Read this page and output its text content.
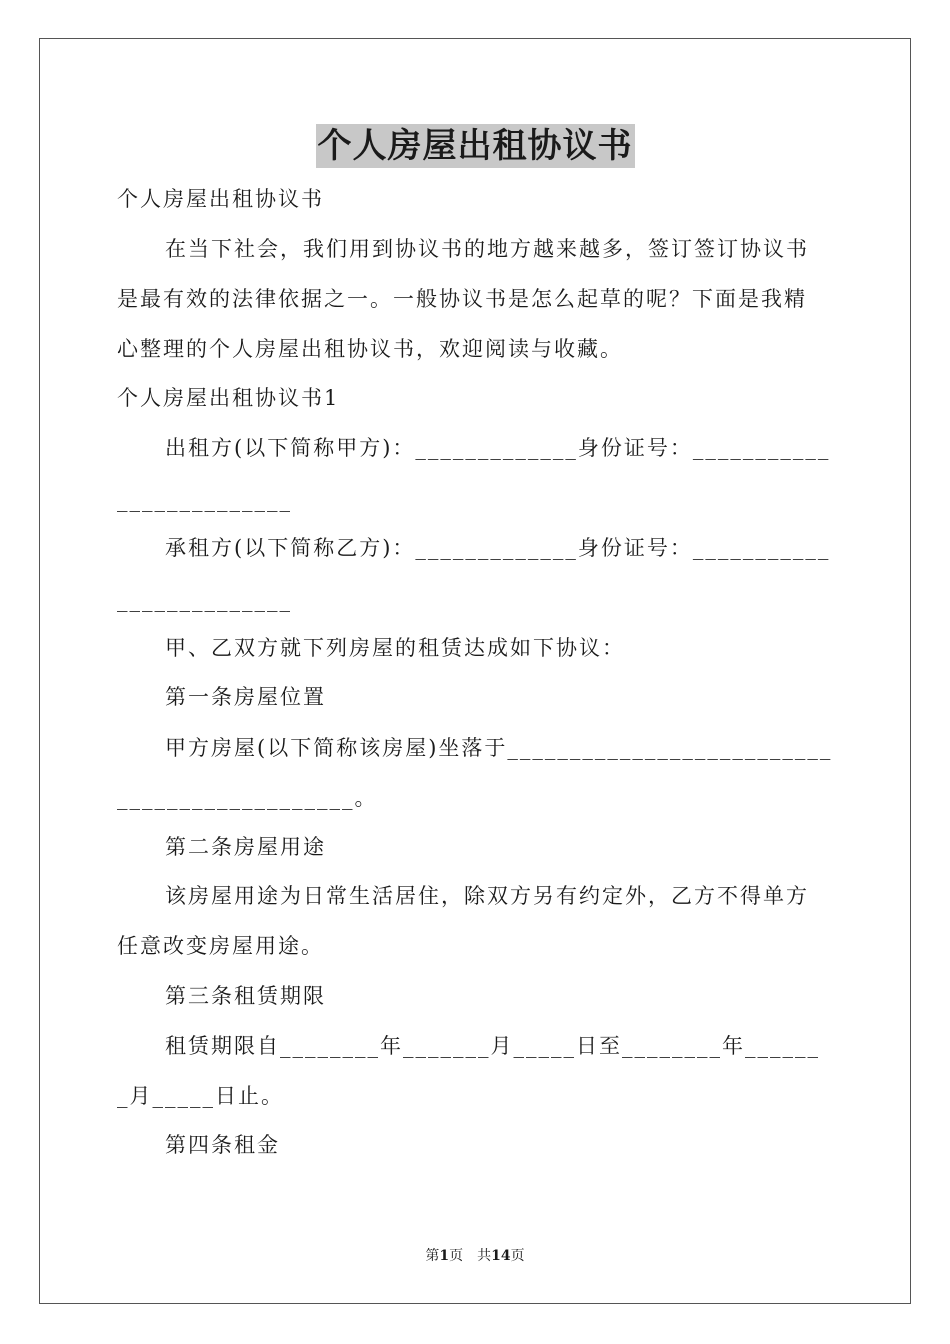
个人房屋出租协议书
个人房屋出租协议书
在当下社会，我们用到协议书的地方越来越多，签订签订协议书
是最有效的法律依据之一。一般协议书是怎么起草的呢？下面是我精
心整理的个人房屋出租协议书，欢迎阅读与收藏。
个人房屋出租协议书1
出租方(以下简称甲方)：_____________身份证号：___________
______________
承租方(以下简称乙方)：_____________身份证号：___________
______________
甲、乙双方就下列房屋的租赁达成如下协议：
第一条房屋位置
甲方房屋(以下简称该房屋)坐落于__________________________
___________________。
第二条房屋用途
该房屋用途为日常生活居住，除双方另有约定外，乙方不得单方
任意改变房屋用途。
第三条租赁期限
租赁期限自________年_______月_____日至________年______
_月_____日止。
第四条租金
第1页　共14页
